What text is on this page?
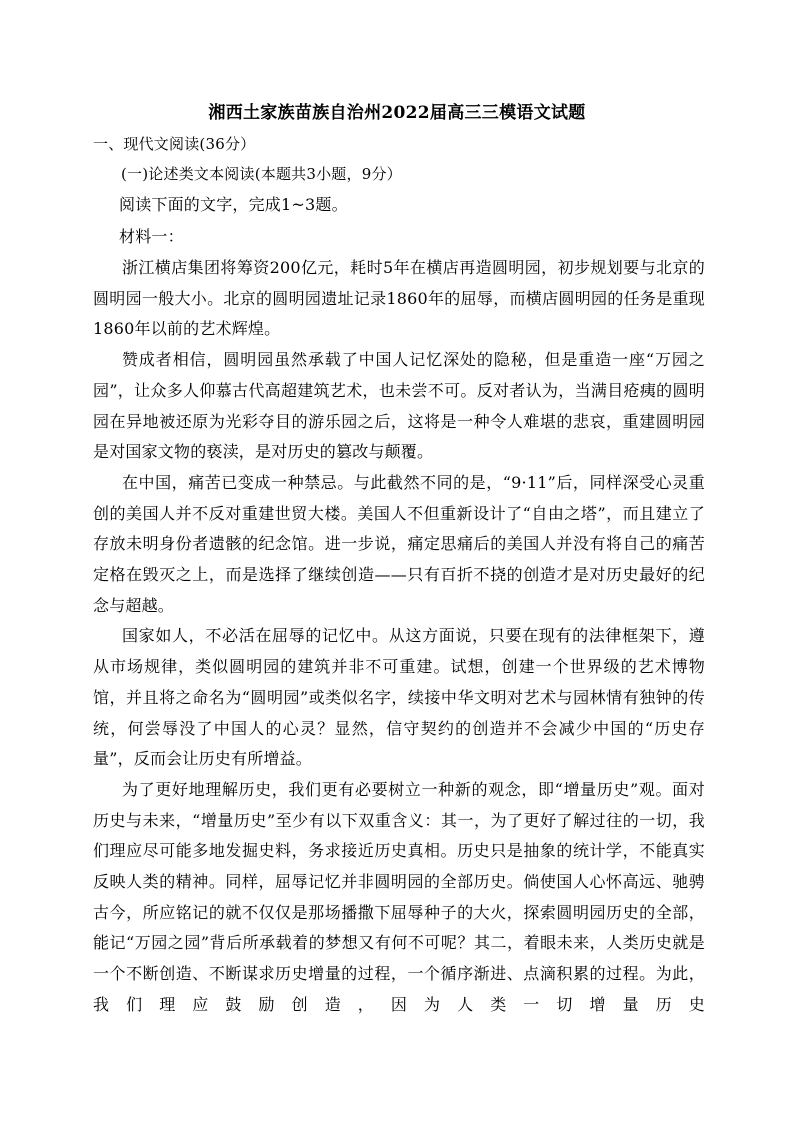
湘西土家族苗族自治州2022届高三三模语文试题

一、现代文阅读(36分）

(一)论述类文本阅读(本题共3小题，9分）

阅读下面的文字，完成1~3题。

材料一：

浙江横店集团将筹资200亿元，耗时5年在横店再造圆明园，初步规划要与北京的圆明园一般大小。北京的圆明园遗址记录1860年的屈辱，而横店圆明园的任务是重现1860年以前的艺术辉煌。

赞成者相信，圆明园虽然承载了中国人记忆深处的隐秘，但是重造一座“万园之园”，让众多人仰慕古代高超建筑艺术，也未尝不可。反对者认为，当满目疮痍的圆明园在异地被还原为光彩夺目的游乐园之后，这将是一种令人难堪的悲哀，重建圆明园是对国家文物的亵渎，是对历史的篡改与颠覆。

在中国，痛苦已变成一种禁忌。与此截然不同的是，“9·11”后，同样深受心灵重创的美国人并不反对重建世贸大楼。美国人不但重新设计了“自由之塔”，而且建立了存放未明身份者遗骸的纪念馆。进一步说，痛定思痛后的美国人并没有将自己的痛苦定格在毁灭之上，而是选择了继续创造——只有百折不挠的创造才是对历史最好的纪念与超越。

国家如人，不必活在屈辱的记忆中。从这方面说，只要在现有的法律框架下，遵从市场规律，类似圆明园的建筑并非不可重建。试想，创建一个世界级的艺术博物馆，并且将之命名为“圆明园”或类似名字，续接中华文明对艺术与园林情有独钟的传统，何尝辱没了中国人的心灵？显然，信守契约的创造并不会减少中国的“历史存量”，反而会让历史有所增益。

为了更好地理解历史，我们更有必要树立一种新的观念，即“增量历史”观。面对历史与未来，“增量历史”至少有以下双重含义：其一，为了更好了解过往的一切，我们理应尽可能多地发掘史料，务求接近历史真相。历史只是抽象的统计学，不能真实反映人类的精神。同样，屈辱记忆并非圆明园的全部历史。倘使国人心怀高远、驰骋古今，所应铭记的就不仅仅是那场播撒下屈辱种子的大火，探索圆明园历史的全部，能记“万园之园”背后所承载着的梦想又有何不可呢？其二，着眼未来，人类历史就是一个不断创造、不断谋求历史增量的过程，一个循序渐进、点滴积累的过程。为此，我们理应鼓励创造，因为人类一切增量历史
